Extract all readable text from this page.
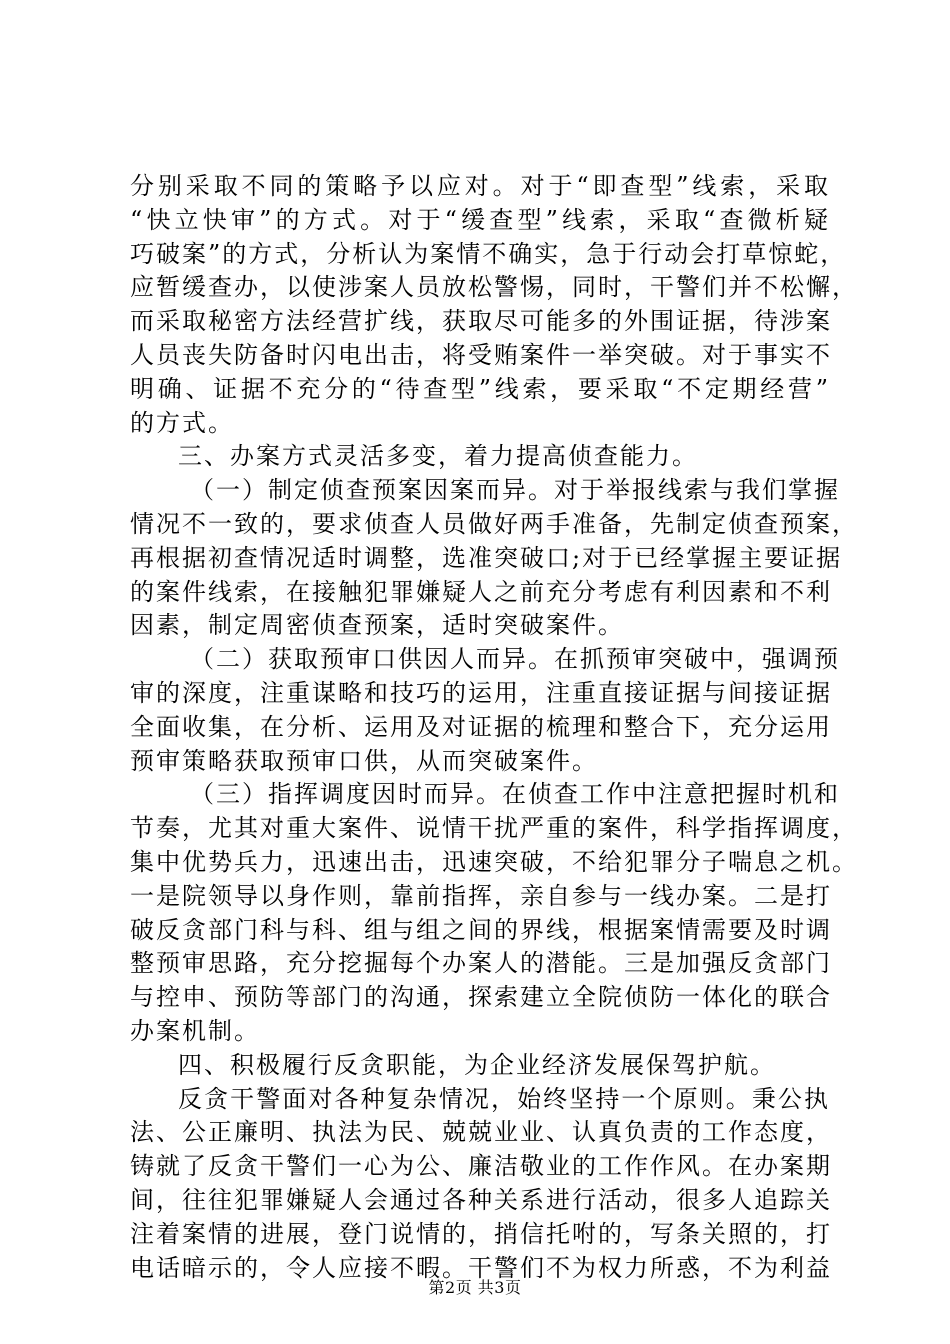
分别采取不同的策略予以应对。对于“即查型”线索，采取
“快立快审”的方式。对于“缓查型”线索，采取“查微析疑
巧破案”的方式，分析认为案情不确实，急于行动会打草惊蛇，
应暂缓查办，以使涉案人员放松警惕，同时，干警们并不松懈，
而采取秘密方法经营扩线，获取尽可能多的外围证据，待涉案
人员丧失防备时闪电出击，将受贿案件一举突破。对于事实不
明确、证据不充分的“待查型”线索，要采取“不定期经营”
的方式。
三、办案方式灵活多变，着力提高侦查能力。
（一）制定侦查预案因案而异。对于举报线索与我们掌握
情况不一致的，要求侦查人员做好两手准备，先制定侦查预案，
再根据初查情况适时调整，选准突破口;对于已经掌握主要证据
的案件线索，在接触犯罪嫌疑人之前充分考虑有利因素和不利
因素，制定周密侦查预案，适时突破案件。
（二）获取预审口供因人而异。在抓预审突破中，强调预
审的深度，注重谋略和技巧的运用，注重直接证据与间接证据
全面收集，在分析、运用及对证据的梳理和整合下，充分运用
预审策略获取预审口供，从而突破案件。
（三）指挥调度因时而异。在侦查工作中注意把握时机和
节奏，尤其对重大案件、说情干扰严重的案件，科学指挥调度，
集中优势兵力，迅速出击，迅速突破，不给犯罪分子喘息之机。
一是院领导以身作则，靠前指挥，亲自参与一线办案。二是打
破反贪部门科与科、组与组之间的界线，根据案情需要及时调
整预审思路，充分挖掘每个办案人的潜能。三是加强反贪部门
与控申、预防等部门的沟通，探索建立全院侦防一体化的联合
办案机制。
四、积极履行反贪职能，为企业经济发展保驾护航。
反贪干警面对各种复杂情况，始终坚持一个原则。秉公执
法、公正廉明、执法为民、兢兢业业、认真负责的工作态度，
铸就了反贪干警们一心为公、廉洁敬业的工作作风。在办案期
间，往往犯罪嫌疑人会通过各种关系进行活动，很多人追踪关
注着案情的进展，登门说情的，捎信托咐的，写条关照的，打
电话暗示的，令人应接不暇。干警们不为权力所惑，不为利益
第2页 共3页
